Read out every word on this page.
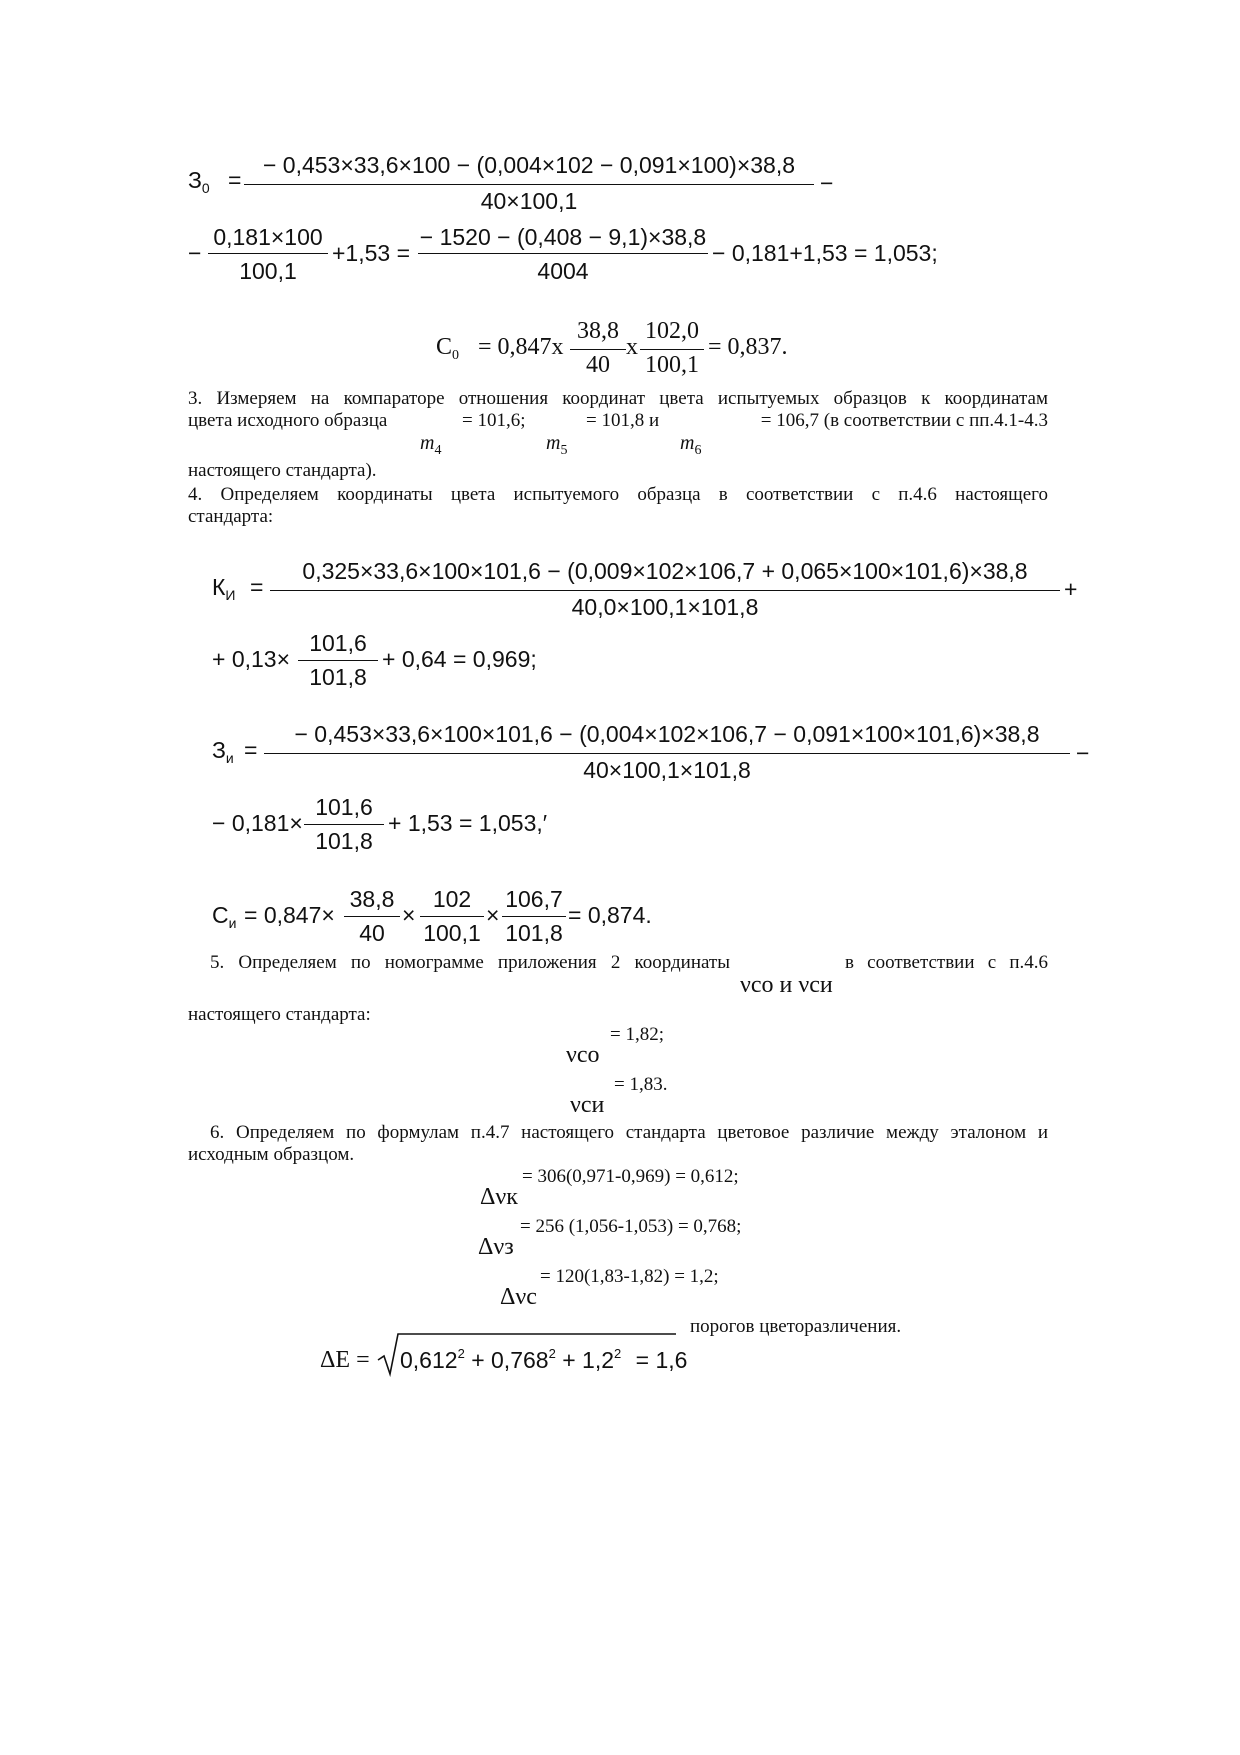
$З_0$ =
− 0,453×33,6×100 − (0,004×102 − 0,091×100)×38,8
40×100,1
−
−
0,181×100
100,1
+1,53 =
− 1520 − (0,408 − 9,1)×38,8
4004
− 0,181+1,53 = 1,053;
$C_0 = 0,847х$
38,8
40
х
102,0
100,1
= 0,837.
3. Измеряем на компараторе отношения координат цвета испытуемых образцов к координатам
цвета исходного образца	= 101,6;	= 101,8 и	= 106,7 (в соответствии с пп.4.1-4.3
$m_4$	$m_5$	$m_6$
настоящего стандарта).
4. Определяем координаты цвета испытуемого образца в соответствии с п.4.6 настоящего
стандарта:
$К_И$ =
0,325×33,6×100×101,6 − (0,009×102×106,7 + 0,065×100×101,6)×38,8
40,0×100,1×101,8
+
+ 0,13×
101,6
101,8
+ 0,64 = 0,969;
$З_и$ =
− 0,453×33,6×100×101,6 − (0,004×102×106,7 − 0,091×100×101,6)×38,8
40×100,1×101,8
−
− 0,181×
101,6
101,8
+ 1,53 = 1,053,′
$С_и = 0,847\times$
38,8
40
×
102
100,1
×
106,7
101,8
= 0,874.
5. Определяем по номограмме приложения 2 координаты	в соответствии с п.4.6
νсо и νси
настоящего стандарта:
= 1,82;
νсо
= 1,83.
νси
6. Определяем по формулам п.4.7 настоящего стандарта цветовое различие между эталоном и
исходным образцом.
= 306(0,971-0,969) = 0,612;
Δνк
= 256 (1,056-1,053) = 0,768;
Δνз
= 120(1,83-1,82) = 1,2;
Δνс
$\Delta E = 0,612^2 + 0,768^2 + 1,2^2 = 1,6$
порогов цветоразличения.
